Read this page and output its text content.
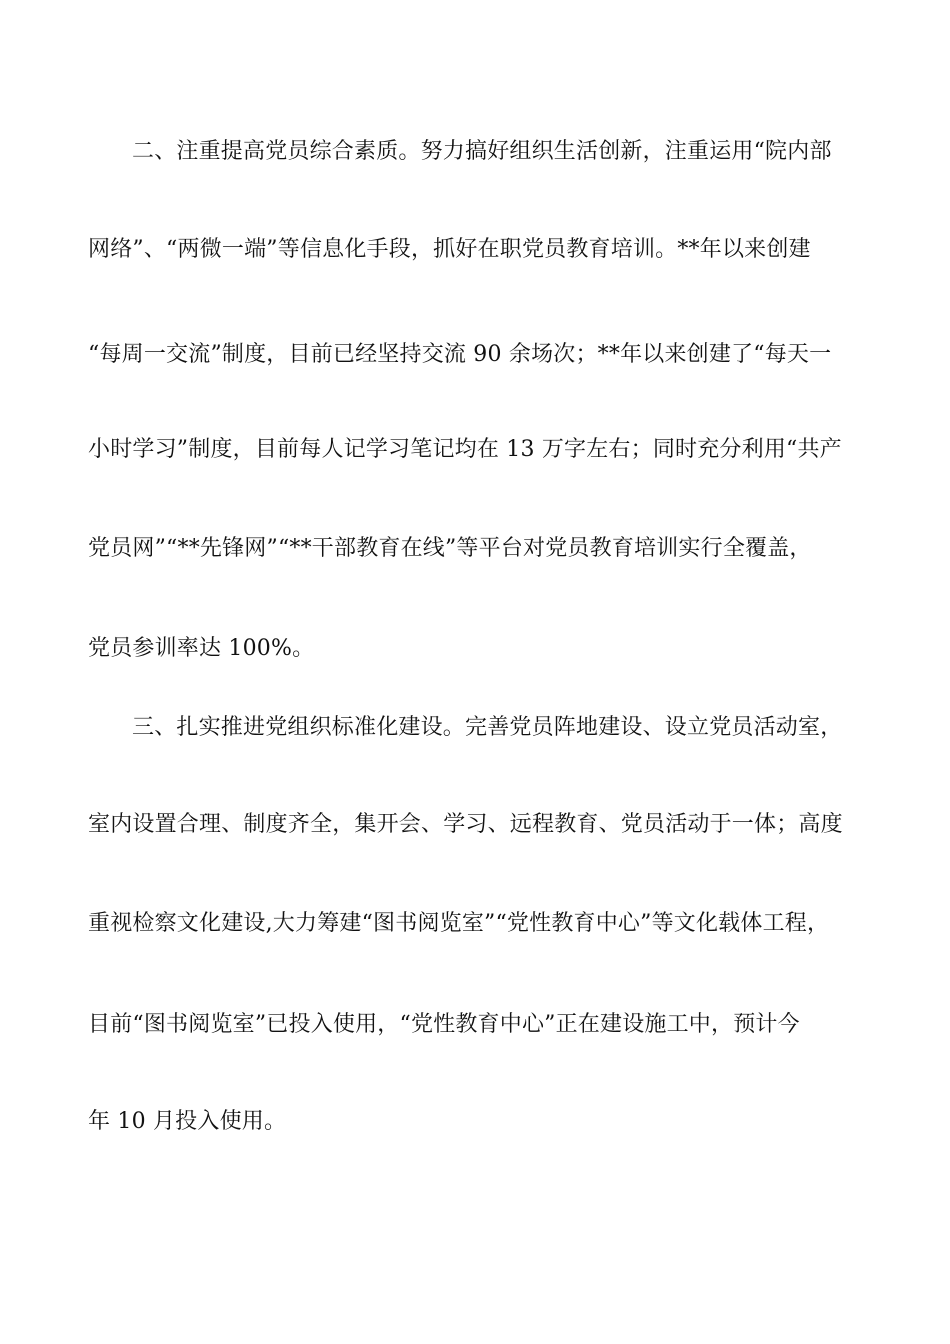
二、注重提高党员综合素质。努力搞好组织生活创新，注重运用“院内部
网络”、“两微一端”等信息化手段，抓好在职党员教育培训。**年以来创建
“每周一交流”制度，目前已经坚持交流 90 余场次；**年以来创建了“每天一
小时学习”制度，目前每人记学习笔记均在 13 万字左右；同时充分利用“共产
党员网”“**先锋网”“**干部教育在线”等平台对党员教育培训实行全覆盖，
党员参训率达 100%。
三、扎实推进党组织标准化建设。完善党员阵地建设、设立党员活动室，
室内设置合理、制度齐全，集开会、学习、远程教育、党员活动于一体；高度
重视检察文化建设,大力筹建“图书阅览室”“党性教育中心”等文化载体工程，
目前“图书阅览室”已投入使用，“党性教育中心”正在建设施工中，预计今
年 10 月投入使用。
